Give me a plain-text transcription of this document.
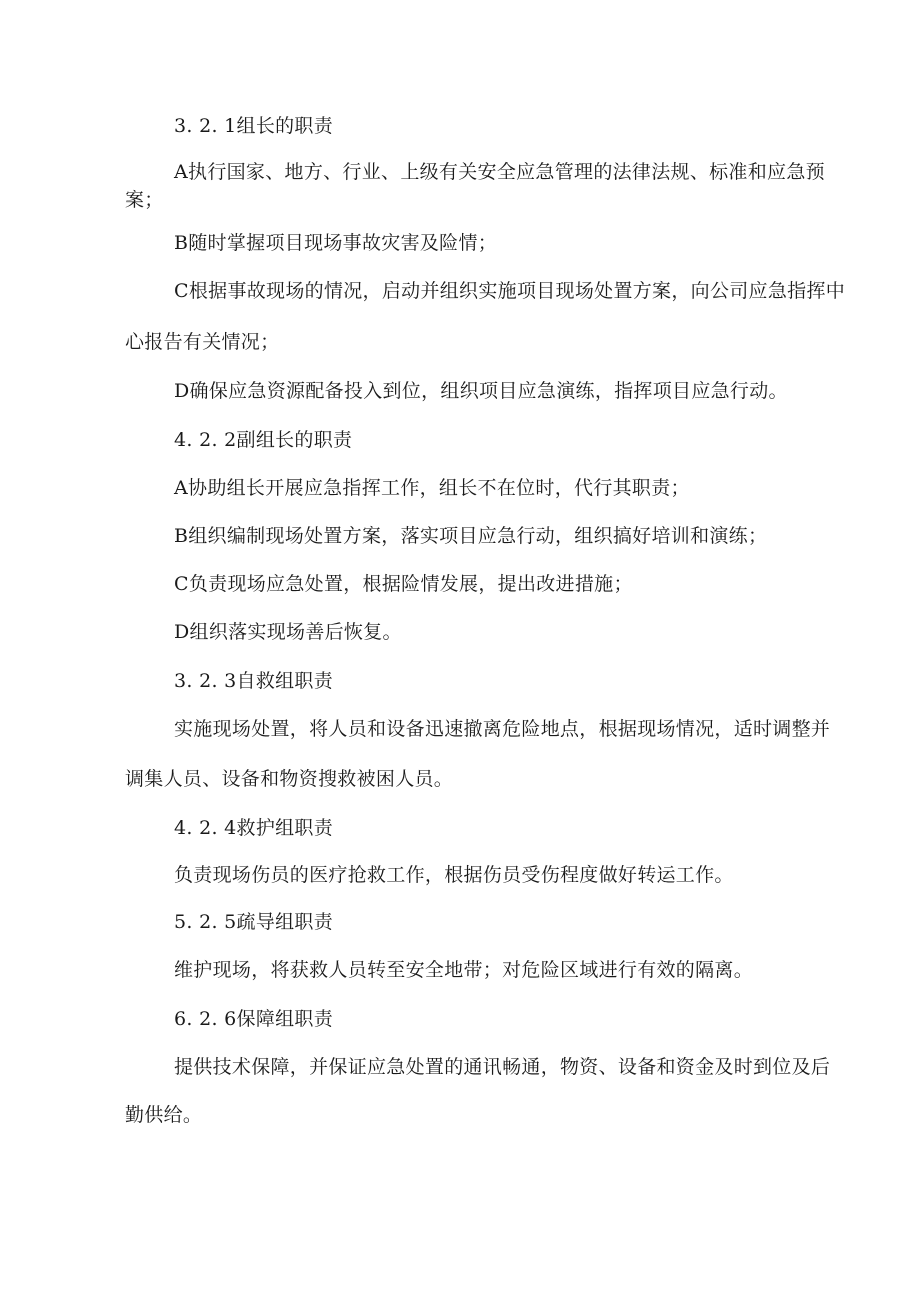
3. 2. 1组长的职责
A执行国家、地方、行业、上级有关安全应急管理的法律法规、标准和应急预
案；
B随时掌握项目现场事故灾害及险情；
C根据事故现场的情况，启动并组织实施项目现场处置方案，向公司应急指挥中
心报告有关情况；
D确保应急资源配备投入到位，组织项目应急演练，指挥项目应急行动。
4. 2. 2副组长的职责
A协助组长开展应急指挥工作，组长不在位时，代行其职责；
B组织编制现场处置方案，落实项目应急行动，组织搞好培训和演练；
C负责现场应急处置，根据险情发展，提出改进措施；
D组织落实现场善后恢复。
3. 2. 3自救组职责
实施现场处置，将人员和设备迅速撤离危险地点，根据现场情况，适时调整并
调集人员、设备和物资搜救被困人员。
4. 2. 4救护组职责
负责现场伤员的医疗抢救工作，根据伤员受伤程度做好转运工作。
5. 2. 5疏导组职责
维护现场，将获救人员转至安全地带；对危险区域进行有效的隔离。
6. 2. 6保障组职责
提供技术保障，并保证应急处置的通讯畅通，物资、设备和资金及时到位及后
勤供给。
